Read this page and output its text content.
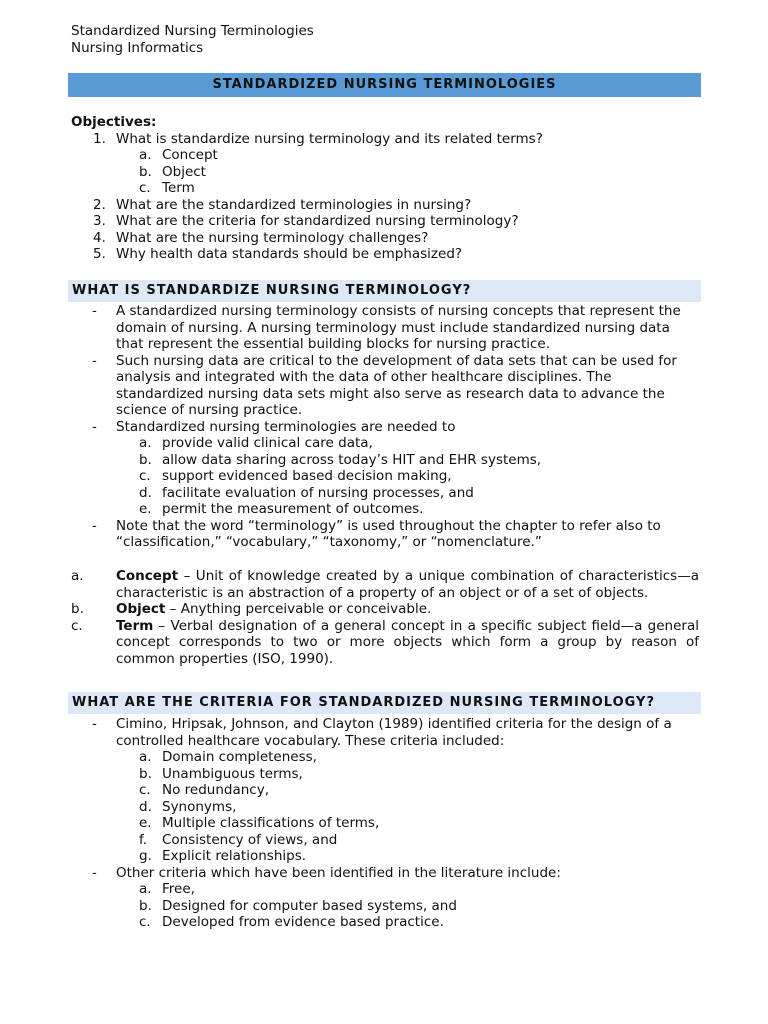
Standardized Nursing Terminologies
Nursing Informatics
STANDARDIZED NURSING TERMINOLOGIES
Objectives:
1. What is standardize nursing terminology and its related terms?
a. Concept
b. Object
c. Term
2. What are the standardized terminologies in nursing?
3. What are the criteria for standardized nursing terminology?
4. What are the nursing terminology challenges?
5. Why health data standards should be emphasized?
WHAT IS STANDARDIZE NURSING TERMINOLOGY?
- A standardized nursing terminology consists of nursing concepts that represent the domain of nursing. A nursing terminology must include standardized nursing data that represent the essential building blocks for nursing practice.
- Such nursing data are critical to the development of data sets that can be used for analysis and integrated with the data of other healthcare disciplines. The standardized nursing data sets might also serve as research data to advance the science of nursing practice.
- Standardized nursing terminologies are needed to
a. provide valid clinical care data,
b. allow data sharing across today’s HIT and EHR systems,
c. support evidenced based decision making,
d. facilitate evaluation of nursing processes, and
e. permit the measurement of outcomes.
- Note that the word “terminology” is used throughout the chapter to refer also to “classification,” “vocabulary,” “taxonomy,” or “nomenclature.”
a.	Concept – Unit of knowledge created by a unique combination of characteristics—a characteristic is an abstraction of a property of an object or of a set of objects.
b.	Object – Anything perceivable or conceivable.
c.	Term – Verbal designation of a general concept in a specific subject field—a general concept corresponds to two or more objects which form a group by reason of common properties (ISO, 1990).
WHAT ARE THE CRITERIA FOR STANDARDIZED NURSING TERMINOLOGY?
- Cimino, Hripsak, Johnson, and Clayton (1989) identified criteria for the design of a controlled healthcare vocabulary. These criteria included:
a. Domain completeness,
b. Unambiguous terms,
c. No redundancy,
d. Synonyms,
e. Multiple classifications of terms,
f.	Consistency of views, and
g. Explicit relationships.
- Other criteria which have been identified in the literature include:
a. Free,
b. Designed for computer based systems, and
c. Developed from evidence based practice.
